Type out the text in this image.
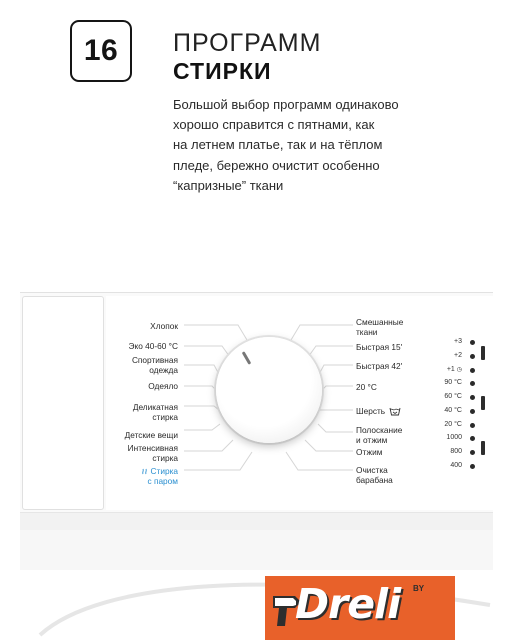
16	ПРОГРАММ
СТИРКИ
Большой выбор программ одинаково
хорошо справится с пятнами, как
на летнем платье, так и на тёплом
пледе, бережно очистит особенно
“капризные” ткани
Хлопок
Эко 40-60 °C
Спортивная
одежда
Одеяло
Деликатная
стирка
Детские вещи
Интенсивная
стирка
Стирка
с паром
Смешанные
ткани
Быстрая 15'
Быстрая 42'
20 °C
Шерсть
Полоскание
и отжим
Отжим
Очистка
барабана
+3
+2
+1 ◷
90 °C
60 °C
40 °C
20 °C
1000
800
400
Dreli BY
